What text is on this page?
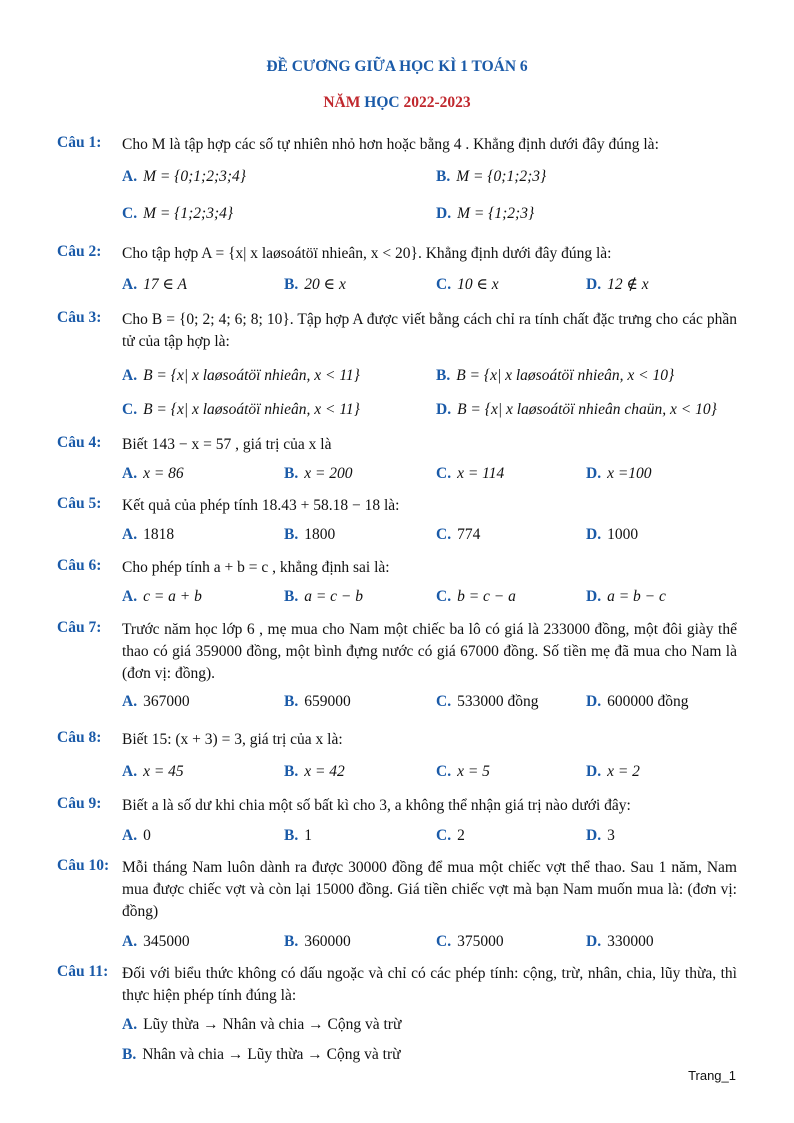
ĐỀ CƯƠNG GIỮA HỌC KÌ 1 TOÁN 6
NĂM HỌC 2022-2023
Câu 1: Cho M là tập hợp các số tự nhiên nhỏ hơn hoặc bằng 4 . Khẳng định dưới đây đúng là:
A. M = {0;1;2;3;4}	B. M = {0;1;2;3}
C. M = {1;2;3;4}	D. M = {1;2;3}
Câu 2: Cho tập hợp A = {x| x laøsoátöï nhieân, x < 20}. Khẳng định dưới đây đúng là:
A. 17 ∈ A	B. 20 ∈ x	C. 10 ∈ x	D. 12 ∉ x
Câu 3: Cho B = {0; 2; 4; 6; 8; 10}. Tập hợp A được viết bằng cách chỉ ra tính chất đặc trưng cho các phần tử của tập hợp là:
A. B = {x| x laøsoátöï nhieân, x < 11}	B. B = {x| x laøsoátöï nhieân, x < 10}
C. B = {x| x laøsoátöï nhieân, x < 11}	D. B = {x| x laøsoátöï nhieân chaün, x < 10}
Câu 4: Biết 143 − x = 57 , giá trị của x là
A. x = 86	B. x = 200	C. x = 114	D. x =100
Câu 5: Kết quả của phép tính 18.43 + 58.18 − 18 là:
A. 1818	B. 1800	C. 774	D. 1000
Câu 6: Cho phép tính a + b = c , khẳng định sai là:
A. c = a + b	B. a = c − b	C. b = c − a	D. a = b − c
Câu 7: Trước năm học lớp 6 , mẹ mua cho Nam một chiếc ba lô có giá là 233000 đồng, một đôi giày thể thao có giá 359000 đồng, một bình đựng nước có giá 67000 đồng. Số tiền mẹ đã mua cho Nam là (đơn vị: đồng).
A. 367000	B. 659000	C. 533000 đồng	D. 600000 đồng
Câu 8: Biết 15: (x + 3) = 3, giá trị của x là:
A. x = 45	B. x = 42	C. x = 5	D. x = 2
Câu 9: Biết a là số dư khi chia một số bất kì cho 3, a không thể nhận giá trị nào dưới đây:
A. 0	B. 1	C. 2	D. 3
Câu 10: Mỗi tháng Nam luôn dành ra được 30000 đồng để mua một chiếc vợt thể thao. Sau 1 năm, Nam mua được chiếc vợt và còn lại 15000 đồng. Giá tiền chiếc vợt mà bạn Nam muốn mua là: (đơn vị: đồng)
A. 345000	B. 360000	C. 375000	D. 330000
Câu 11: Đối với biểu thức không có dấu ngoặc và chỉ có các phép tính: cộng, trừ, nhân, chia, lũy thừa, thì thực hiện phép tính đúng là:
A. Lũy thừa → Nhân và chia → Cộng và trừ
B. Nhân và chia → Lũy thừa → Cộng và trừ
Trang_1
